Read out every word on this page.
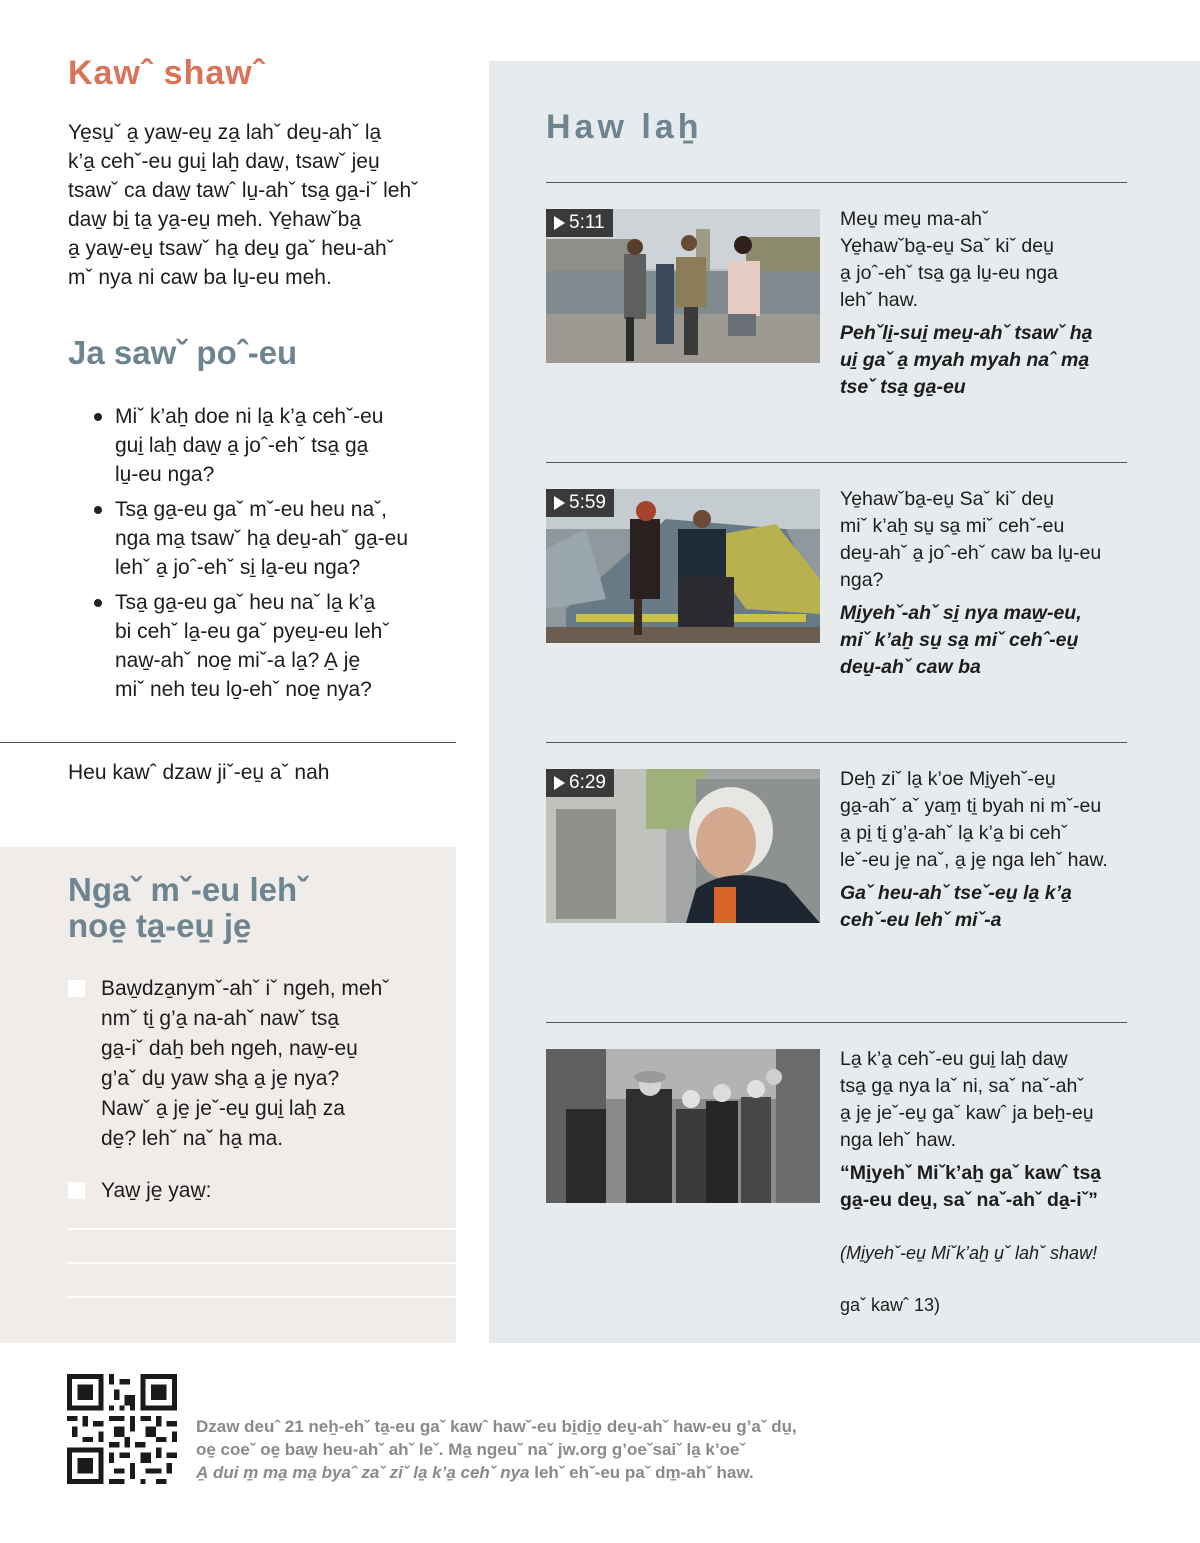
Kawˆ shawˆ
Ye̱su̱ˇ a̱ yaw̱-eu̱ za̱ lahˇ deu̱-ahˇ la̱
k’a̱ cehˇ-eu gui̱ laẖ daw̱, tsawˇ jeu̱
tsawˇ ca daw̱ tawˆ lu̱-ahˇ tsa̱ ga̱-iˇ lehˇ
daw̱ bi̱ ta̱ ya̱-eu̱ meh. Ye̱hawˇba̱
a̱ yaw̱-eu̱ tsawˇ ha̱ deu̱ gaˇ heu-ahˇ
mˇ nya ni caw ba lu̱-eu meh.
Ja sawˇ poˆ-eu
Miˇ k’aẖ doe ni la̱ k’a̱ cehˇ-eu
gui̱ laẖ daw̱ a̱ joˆ-ehˇ tsa̱ ga̱
lu̱-eu nga?
Tsa̱ ga̱-eu gaˇ mˇ-eu heu naˇ,
nga ma̱ tsawˇ ha̱ deu̱-ahˇ ga̱-eu
lehˇ a̱ joˆ-ehˇ si̱ la̱-eu nga?
Tsa̱ ga̱-eu gaˇ heu naˇ la̱ k’a̱
bi cehˇ la̱-eu gaˇ pyeu̱-eu lehˇ
naw̱-ahˇ noe̱ miˇ-a la̱? A̱ je̱
miˇ neh teu lo̱-ehˇ noe̱ nya?
Heu kawˆ dzaw jiˇ-eu̱ aˇ nah
Ngaˇ mˇ-eu lehˇ
noe̱ ta̱-eu̱ je̱
Baw̱dza̱nymˇ-ahˇ iˇ ngeh, mehˇ
nmˇ ti̱ g’a̱ na-ahˇ nawˇ tsa̱
ga̱-iˇ daẖ beh ngeh, naw̱-eu̱
g’aˇ du̱ yaw sha̱ a̱ je̱ nya?
Nawˇ a̱ je̱ jeˇ-eu̱ gui̱ laẖ za
de̱? lehˇ naˇ ha̱ ma.
Yaw̱ je̱ yaw̱:
Haw laẖ
5:11	Meu̱ meu̱ ma-ahˇ
Ye̱hawˇba̱-eu̱ Saˇ kiˇ deu̱
a̱ joˆ-ehˇ tsa̱ ga̱ lu̱-eu nga
lehˇ haw.
Pehˇli̱-sui̱ meu̱-ahˇ tsawˇ ha̱
ui̱ gaˇ a̱ myah myah naˆ ma̱
tseˇ tsa̱ ga̱-eu
5:59	Ye̱hawˇba̱-eu̱ Saˇ kiˇ deu̱
miˇ k’aẖ su̱ sa̱ miˇ cehˇ-eu
deu̱-ahˇ a̱ joˆ-ehˇ caw ba lu̱-eu
nga?
Mi̱yehˇ-ahˇ si̱ nya maw̱-eu,
miˇ k’aẖ su̱ sa̱ miˇ cehˆ-eu̱
deu̱-ahˇ caw ba
6:29	Deẖ ziˇ la̱ k’oe Mi̱yehˇ-eu̱
ga̱-ahˇ aˇ yam̱ ti̱ byah ni mˇ-eu
a̱ pi̱ ti̱ g’a̱-ahˇ la̱ k’a̱ bi cehˇ
leˇ-eu je̱ naˇ, a̱ je̱ nga lehˇ haw.
Gaˇ heu-ahˇ tseˇ-eu̱ la̱ k’a̱
cehˇ-eu lehˇ miˇ-a
La̱ k’a̱ cehˇ-eu gui̱ laẖ daw̱
tsa̱ ga̱ nya laˇ ni, saˇ naˇ-ahˇ
a̱ je̱ jeˇ-eu̱ gaˇ kawˆ ja beẖ-eu̱
nga lehˇ haw.
“Mi̱yehˇ Miˇk’aẖ gaˇ kawˆ tsa̱
ga̱-eu deu̱, saˇ naˇ-ahˇ da̱-iˇ”

(Mi̱yehˇ-eu̱ Miˇk’aẖ u̱ˇ lahˇ shaw!

gaˇ kawˆ 13)

Dzaw deuˆ 21 neẖ-ehˇ ta̱-eu gaˇ kawˆ hawˇ-eu bi̱di̱o̱ deu̱-ahˇ haw-eu g’aˇ du̱,
oe̱ coeˇ oe̱ baw̱ heu-ahˇ ahˇ leˇ. Ma̱ ngeuˇ naˇ jw.org g’oeˇsaiˇ la̱ k’oeˇ
A̱ dui m̱ ma̱ ma̱ byaˆ zaˇ ziˇ la̱ k’a̱ cehˇ nya lehˇ ehˇ-eu paˇ dm̱-ahˇ haw.
